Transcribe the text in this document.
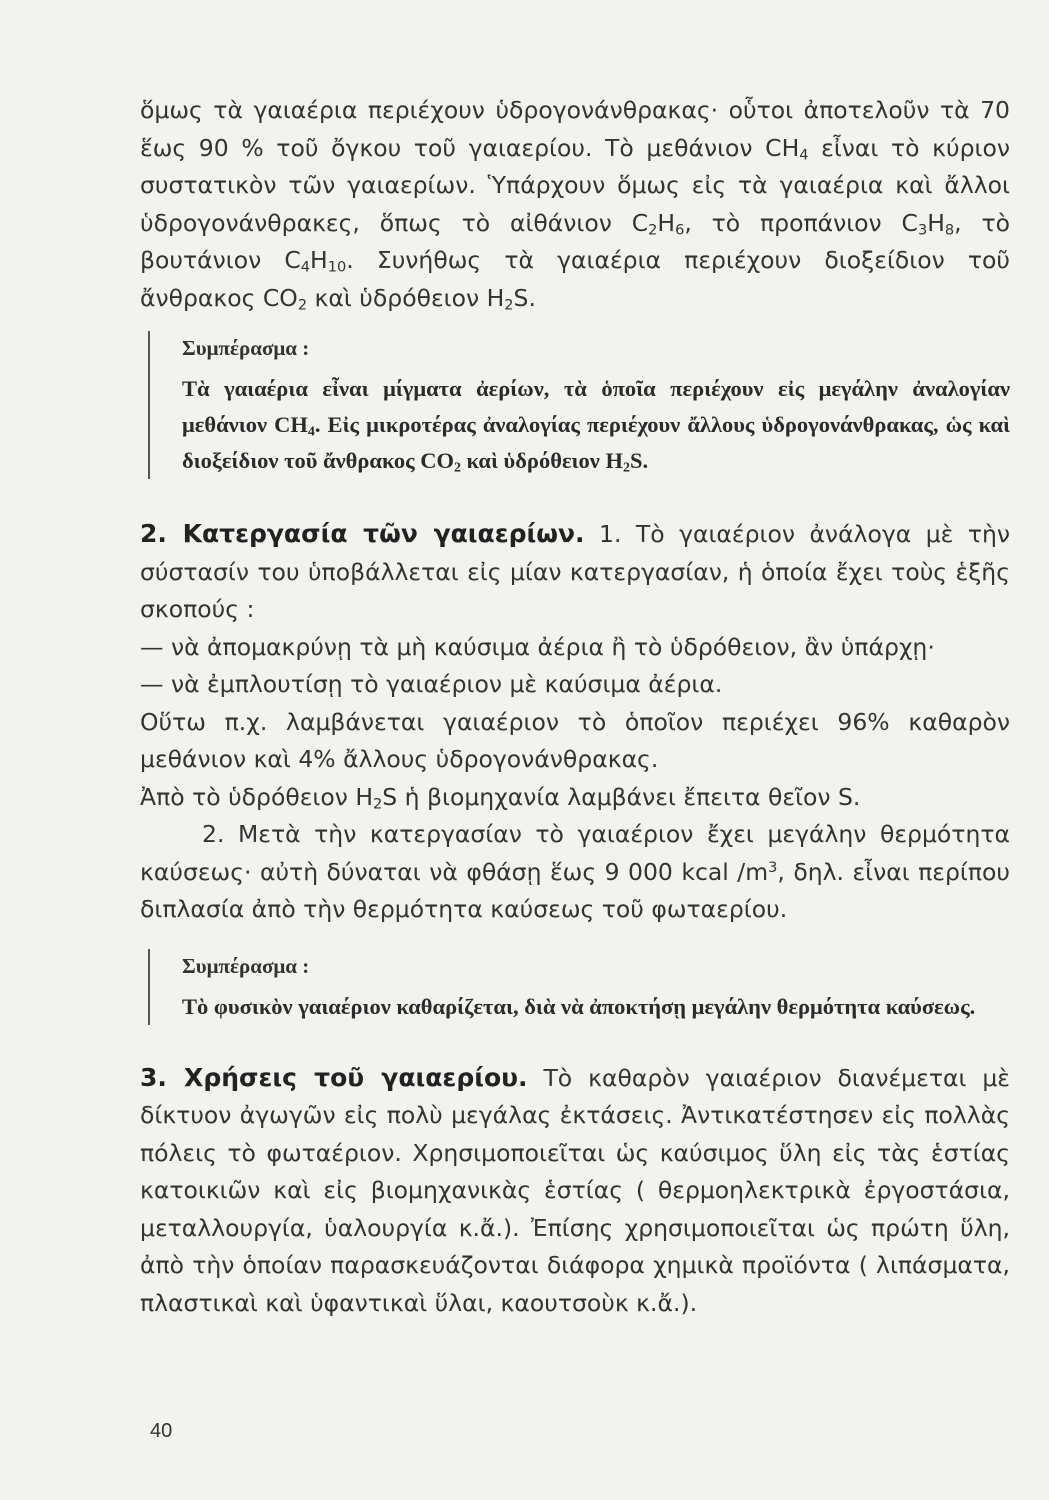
ὅμως τὰ γαιαέρια περιέχουν ὑδρογονάνθρακας· οὗτοι ἀποτελοῦν τὰ 70 ἕως 90 % τοῦ ὄγκου τοῦ γαιαερίου. Τὸ μεθάνιον $CH_4$ εἶναι τὸ κύριον συστατικὸν τῶν γαιαερίων. Ὑπάρχουν ὅμως εἰς τὰ γαιαέρια καὶ ἄλλοι ὑδρογονάνθρακες, ὅπως τὸ αἰθάνιον $C_2H_6$, τὸ προπάνιον $C_3H_8$, τὸ βουτάνιον $C_4H_{10}$. Συνήθως τὰ γαιαέρια περιέχουν διοξείδιον τοῦ ἄνθρακος $CO_2$ καὶ ὑδρόθειον $H_2S$.

Συμπέρασμα :

Τὰ γαιαέρια εἶναι μίγματα ἀερίων, τὰ ὁποῖα περιέχουν εἰς μεγάλην ἀναλογίαν μεθάνιον $CH_4$. Εἰς μικροτέρας ἀναλογίας περιέχουν ἄλλους ὑδρογονάνθρακας, ὡς καὶ διοξείδιον τοῦ ἄνθρακος $CO_2$ καὶ ὑδρόθειον $H_2S$.

2. Κατεργασία τῶν γαιαερίων. 1. Τὸ γαιαέριον ἀνάλογα μὲ τὴν σύστασίν του ὑποβάλλεται εἰς μίαν κατεργασίαν, ἡ ὁποία ἔχει τοὺς ἑξῆς σκοπούς :

— νὰ ἀπομακρύνῃ τὰ μὴ καύσιμα ἀέρια ἢ τὸ ὑδρόθειον, ἂν ὑπάρχῃ·

— νὰ ἐμπλουτίσῃ τὸ γαιαέριον μὲ καύσιμα ἀέρια.

Οὕτω π.χ. λαμβάνεται γαιαέριον τὸ ὁποῖον περιέχει 96% καθαρὸν μεθάνιον καὶ 4% ἄλλους ὑδρογονάνθρακας.

Ἀπὸ τὸ ὑδρόθειον $H_2S$ ἡ βιομηχανία λαμβάνει ἔπειτα θεῖον S.

2. Μετὰ τὴν κατεργασίαν τὸ γαιαέριον ἔχει μεγάλην θερμότητα καύσεως· αὐτὴ δύναται νὰ φθάσῃ ἕως 9 000 kcal $/m^3$, δηλ. εἶναι περίπου διπλασία ἀπὸ τὴν θερμότητα καύσεως τοῦ φωταερίου.

Συμπέρασμα :

Τὸ φυσικὸν γαιαέριον καθαρίζεται, διὰ νὰ ἀποκτήσῃ μεγάλην θερμότητα καύσεως.

3. Χρήσεις τοῦ γαιαερίου. Τὸ καθαρὸν γαιαέριον διανέμεται μὲ δίκτυον ἀγωγῶν εἰς πολὺ μεγάλας ἐκτάσεις. Ἀντικατέστησεν εἰς πολλὰς πόλεις τὸ φωταέριον. Χρησιμοποιεῖται ὡς καύσιμος ὕλη εἰς τὰς ἑστίας κατοικιῶν καὶ εἰς βιομηχανικὰς ἑστίας ( θερμοηλεκτρικὰ ἐργοστάσια, μεταλλουργία, ὑαλουργία κ.ἄ.). Ἐπίσης χρησιμοποιεῖται ὡς πρώτη ὕλη, ἀπὸ τὴν ὁποίαν παρασκευάζονται διάφορα χημικὰ προϊόντα ( λιπάσματα, πλαστικαὶ καὶ ὑφαντικαὶ ὕλαι, καουτσοὺκ κ.ἄ.).

40
